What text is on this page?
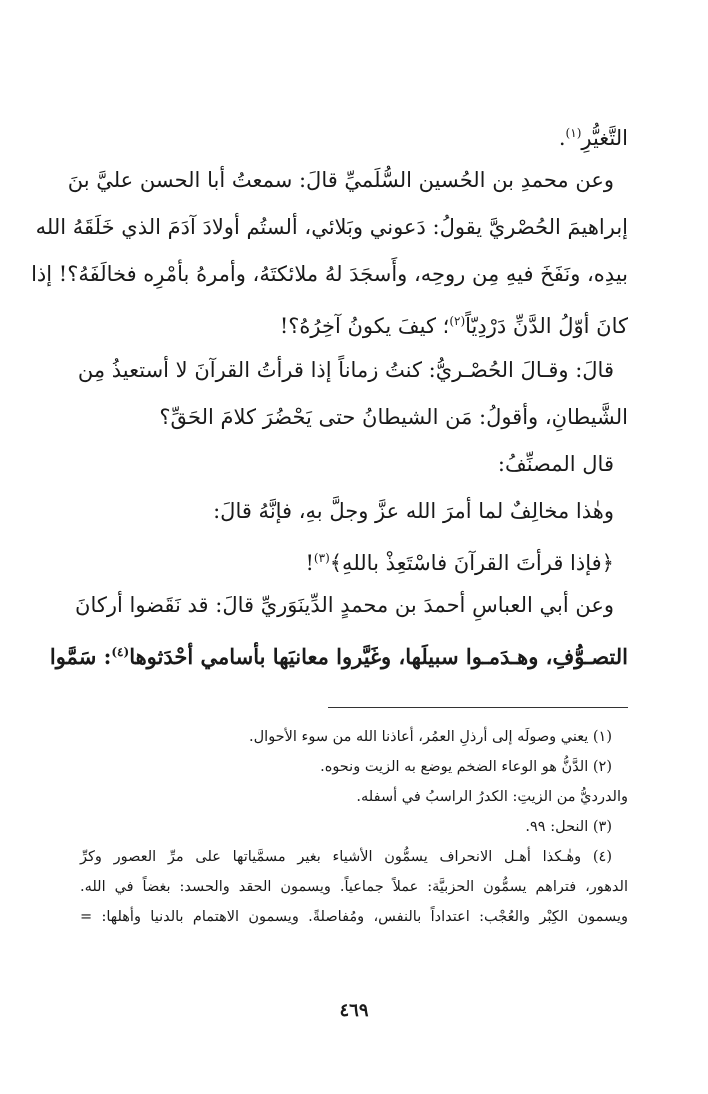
التَّغيُّرِ$^{(١)}$.
وعن محمدِ بن الحُسين السُّلَميِّ قالَ: سمعتُ أبا الحسن عليَّ بنَ
إبراهيمَ الحُصْريَّ يقولُ: دَعوني وبَلائي، ألستُم أولادَ آدَمَ الذي خَلَقَهُ الله
بيدِه، ونَفَخَ فيهِ مِن روحِه، وأَسجَدَ لهُ ملائكتَهُ، وأمرهُ بأمْرِه فخالَفَهُ؟! إذا
كانَ أوّلُ الدَّنِّ دَرْدِيّاً$^{(٢)}$؛ كيفَ يكونُ آخِرُهُ؟!
قالَ: وقـالَ الحُصْـريُّ: كنتُ زماناً إذا قرأتُ القرآنَ لا أستعيذُ مِن
الشَّيطانِ، وأقولُ: مَن الشيطانُ حتى يَحْضُرَ كلامَ الحَقِّ؟
قال المصنِّفُ:
وهٰذا مخالِفٌ لما أمرَ الله عزَّ وجلَّ بهِ، فإنَّهُ قالَ:
﴿فإذا قرأتَ القرآنَ فاسْتَعِذْ باللهِ﴾$^{(٣)}$!
وعن أبي العباسِ أحمدَ بن محمدٍ الدِّينَوَريِّ قالَ: قد نَقَضوا أركانَ
التصـوُّفِ، وهـدَمـوا سبيلَها، وغَيَّروا معانيَها بأسامي أحْدَثوها$^{(٤)}$: سَمَّوا
(١) يعني وصولَه إلى أرذلِ العمُر، أعاذنا الله من سوء الأحوال.
(٢) الدَّنُّ هو الوعاء الضخم يوضع به الزيت ونحوه.
والدرديُّ من الزيتِ: الكدرُ الراسبُ في أسفله.
(٣) النحل: ٩٩.
(٤) وهٰـكذا أهـل الانحراف يسمُّون الأشياء بغير مسمَّياتها على مرِّ العصور وكرِّ
الدهور، فتراهم يسمُّون الحزبيَّة: عملاً جماعياً. ويسمون الحقد والحسد: بغضاً في الله.
ويسمون الكِبْر والعُجْب: اعتداداً بالنفس، ومُفاصلةً. ويسمون الاهتمام بالدنيا وأهلها: =
٤٦٩
